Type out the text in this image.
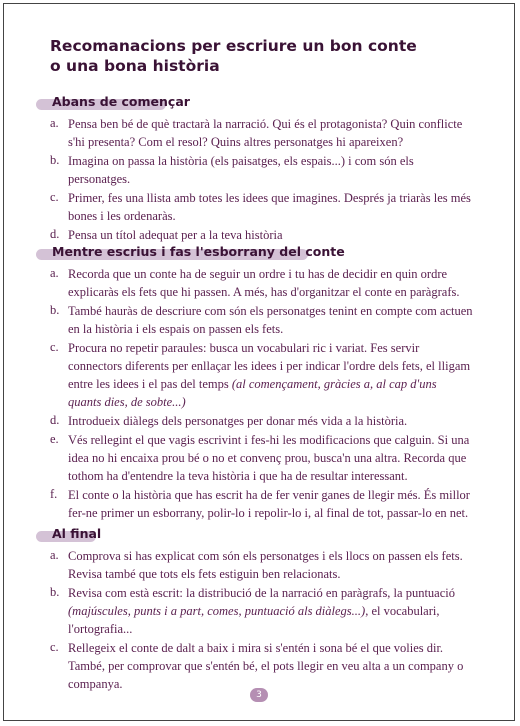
Recomanacions per escriure un bon conte
o una bona història
Abans de començar
a. Pensa ben bé de què tractarà la narració. Qui és el protagonista? Quin conflicte s'hi presenta? Com el resol? Quins altres personatges hi apareixen?
b. Imagina on passa la història (els paisatges, els espais...) i com són els personatges.
c. Primer, fes una llista amb totes les idees que imagines. Després ja triaràs les més bones i les ordenaràs.
d. Pensa un títol adequat per a la teva història
Mentre escrius i fas l'esborrany del conte
a. Recorda que un conte ha de seguir un ordre i tu has de decidir en quin ordre explicaràs els fets que hi passen. A més, has d'organitzar el conte en paràgrafs.
b. També hauràs de descriure com són els personatges tenint en compte com actuen en la història i els espais on passen els fets.
c. Procura no repetir paraules: busca un vocabulari ric i variat. Fes servir connectors diferents per enllaçar les idees i per indicar l'ordre dels fets, el lligam entre les idees i el pas del temps (al començament, gràcies a, al cap d'uns quants dies, de sobte...)
d. Introdueix diàlegs dels personatges per donar més vida a la història.
e. Vés rellegint el que vagis escrivint i fes-hi les modificacions que calguin. Si una idea no hi encaixa prou bé o no et convenç prou, busca'n una altra. Recorda que tothom ha d'entendre la teva història i que ha de resultar interessant.
f. El conte o la història que has escrit ha de fer venir ganes de llegir més. És millor fer-ne primer un esborrany, polir-lo i repolir-lo i, al final de tot, passar-lo en net.
Al final
a. Comprova si has explicat com són els personatges i els llocs on passen els fets. Revisa també que tots els fets estiguin ben relacionats.
b. Revisa com està escrit: la distribució de la narració en paràgrafs, la puntuació (majúscules, punts i a part, comes, puntuació als diàlegs...), el vocabulari, l'ortografia...
c. Rellegeix el conte de dalt a baix i mira si s'entén i sona bé el que volies dir. També, per comprovar que s'entén bé, el pots llegir en veu alta a un company o companya.
3
